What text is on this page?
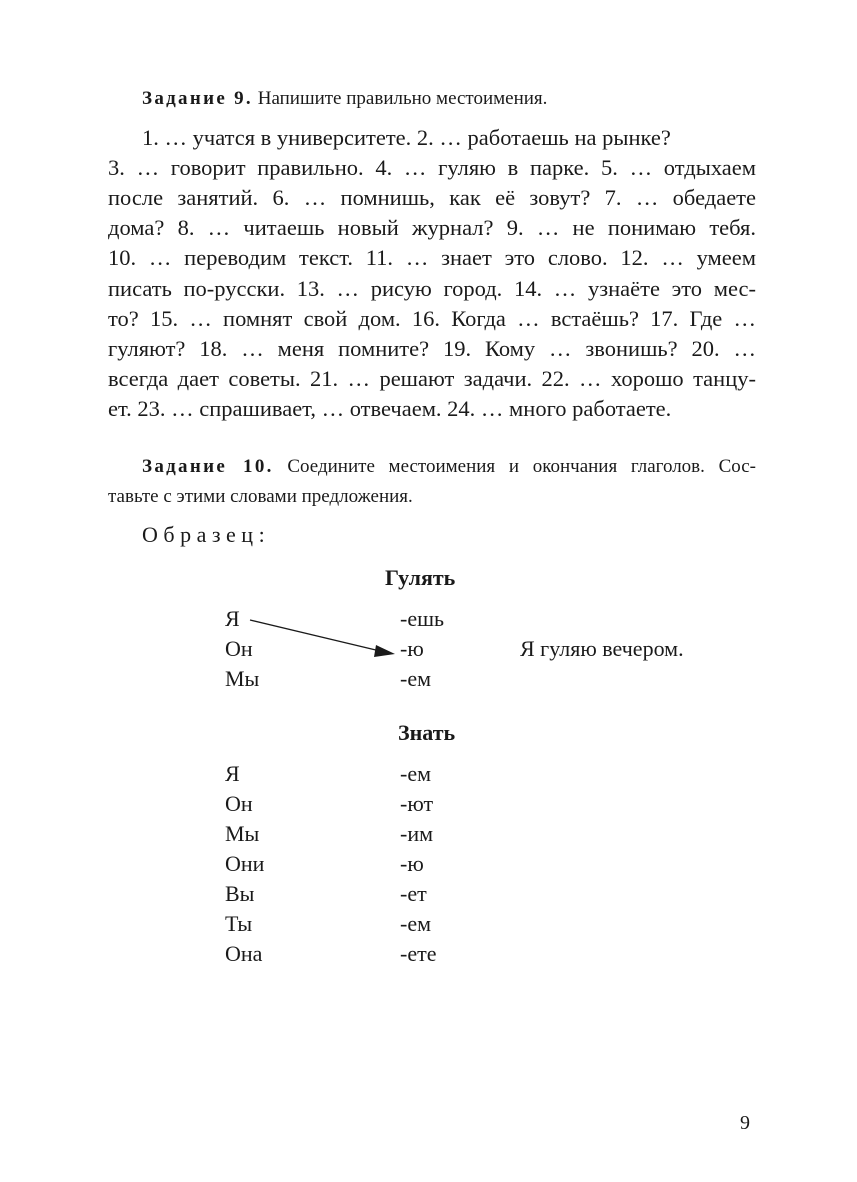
Задание 9. Напишите правильно местоимения.
1. … учатся в университете. 2. … работаешь на рынке?
3. … говорит правильно. 4. … гуляю в парке. 5. … отдыхаем
после занятий. 6. … помнишь, как её зовут? 7. … обедаете
дома? 8. … читаешь новый журнал? 9. … не понимаю тебя.
10. … переводим текст. 11. … знает это слово. 12. … умеем
писать по-русски. 13. … рисую город. 14. … узнаёте это мес-
то? 15. … помнят свой дом. 16. Когда … встаёшь? 17. Где …
гуляют? 18. … меня помните? 19. Кому … звонишь? 20. …
всегда дает советы. 21. … решают задачи. 22. … хорошо танцу-
ет. 23. … спрашивает, … отвечаем. 24. … много работаете.
Задание 10. Соедините местоимения и окончания глаголов. Сос-
тавьте с этими словами предложения.
Образец:
Гулять
Я
Он
Мы
-ешь
-ю
-ем
Я гуляю вечером.
Знать
Я
Он
Мы
Они
Вы
Ты
Она
-ем
-ют
-им
-ю
-ет
-ем
-ете
9
